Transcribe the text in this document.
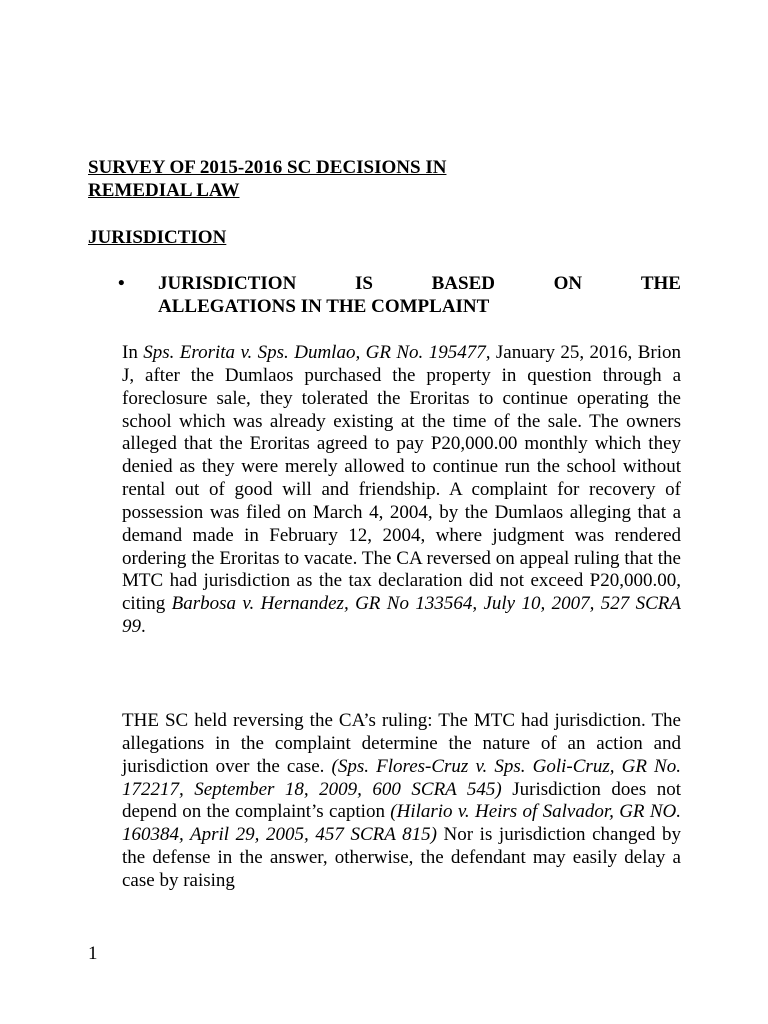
SURVEY OF 2015-2016 SC DECISIONS IN
REMEDIAL LAW
JURISDICTION
• JURISDICTION	IS	BASED	ON	THE
ALLEGATIONS IN THE COMPLAINT
In Sps. Erorita v. Sps. Dumlao, GR No. 195477, January 25, 2016, Brion J, after the Dumlaos purchased the property in question through a foreclosure sale, they tolerated the Eroritas to continue operating the school which was already existing at the time of the sale. The owners alleged that the Eroritas agreed to pay P20,000.00 monthly which they denied as they were merely allowed to continue run the school without rental out of good will and friendship. A complaint for recovery of possession was filed on March 4, 2004, by the Dumlaos alleging that a demand made in February 12, 2004, where judgment was rendered ordering the Eroritas to vacate. The CA reversed on appeal ruling that the MTC had jurisdiction as the tax declaration did not exceed P20,000.00, citing Barbosa v. Hernandez, GR No 133564, July 10, 2007, 527 SCRA 99.
THE SC held reversing the CA’s ruling: The MTC had jurisdiction. The allegations in the complaint determine the nature of an action and jurisdiction over the case. (Sps. Flores-Cruz v. Sps. Goli-Cruz, GR No. 172217, September 18, 2009, 600 SCRA 545) Jurisdiction does not depend on the complaint’s caption (Hilario v. Heirs of Salvador, GR NO. 160384, April 29, 2005, 457 SCRA 815) Nor is jurisdiction changed by the defense in the answer, otherwise, the defendant may easily delay a case by raising
1
